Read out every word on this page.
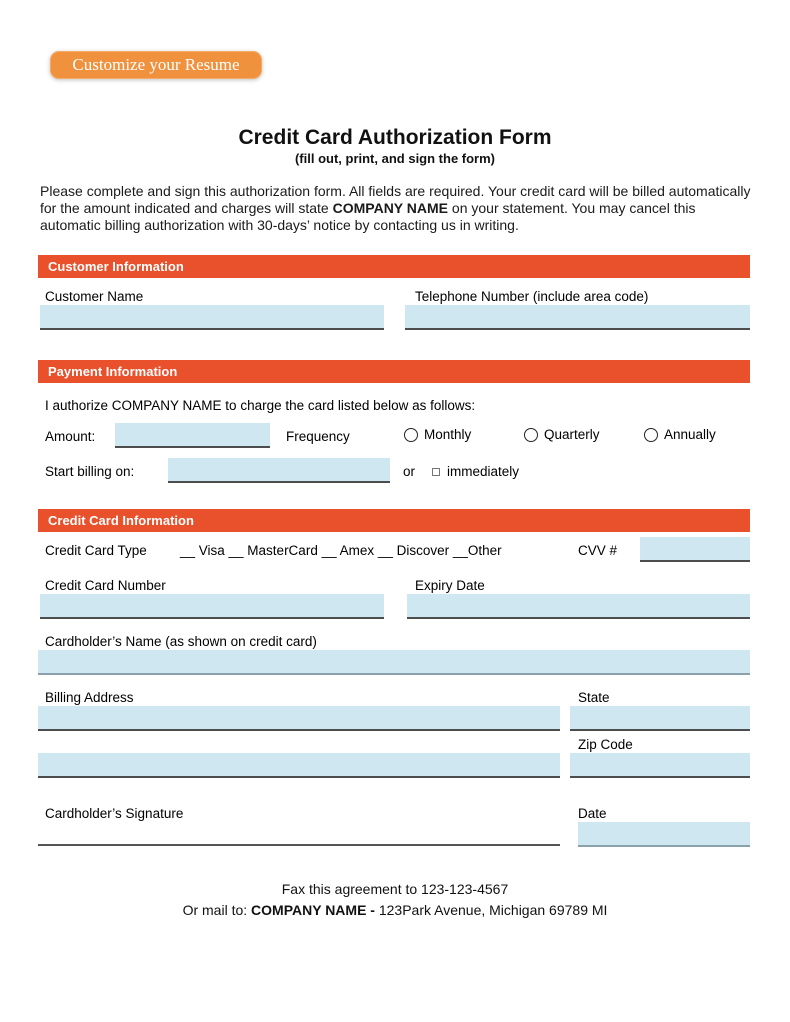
Customize your Resume
Credit Card Authorization Form
(fill out, print, and sign the form)

Please complete and sign this authorization form. All fields are required. Your credit card will be billed automatically for the amount indicated and charges will state COMPANY NAME on your statement. You may cancel this automatic billing authorization with 30-days’ notice by contacting us in writing.

Customer Information
Customer Name	Telephone Number (include area code)
Payment Information
I authorize COMPANY NAME to charge the card listed below as follows:
Amount:	Frequency	Monthly	Quarterly	Annually
Start billing on:	or immediately
Credit Card Information
Credit Card Type __ Visa __ MasterCard __ Amex __ Discover __Other	CVV #
Credit Card Number	Expiry Date
Cardholder’s Name (as shown on credit card)
Billing Address	State
Zip Code
Cardholder’s Signature	Date
Fax this agreement to 123-123-4567
Or mail to: COMPANY NAME - 123Park Avenue, Michigan 69789 MI
